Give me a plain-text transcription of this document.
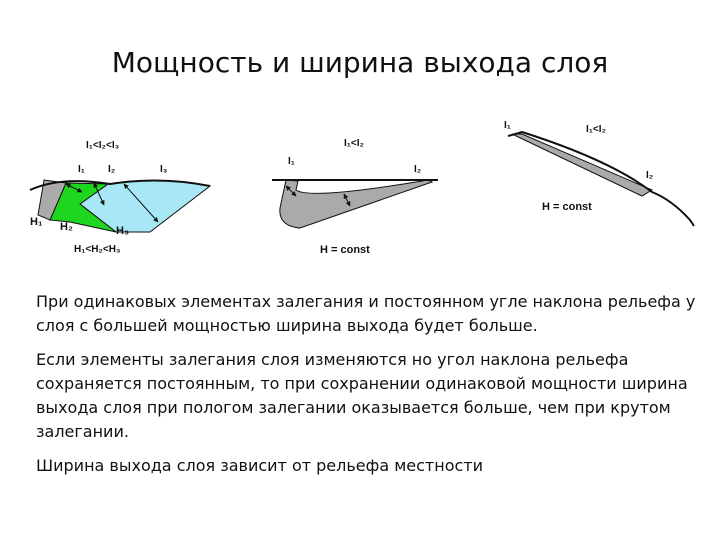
Мощность и ширина выхода слоя
I₁<I₂<I₃
I₁ I₂	I₃
H₁ H₂	H₃
H₁<H₂<H₃
I₁<I₂
I₁
I₂
H = const
I₁	I₁<I₂
I₂
H = const

При одинаковых элементах залегания и постоянном угле наклона рельефа у слоя с большей мощностью ширина выхода будет больше.

Если элементы залегания слоя изменяются но угол наклона рельефа сохраняется постоянным, то при сохранении одинаковой мощности ширина выхода слоя при пологом залегании оказывается больше, чем при крутом залегании.

Ширина выхода слоя зависит от рельефа местности
